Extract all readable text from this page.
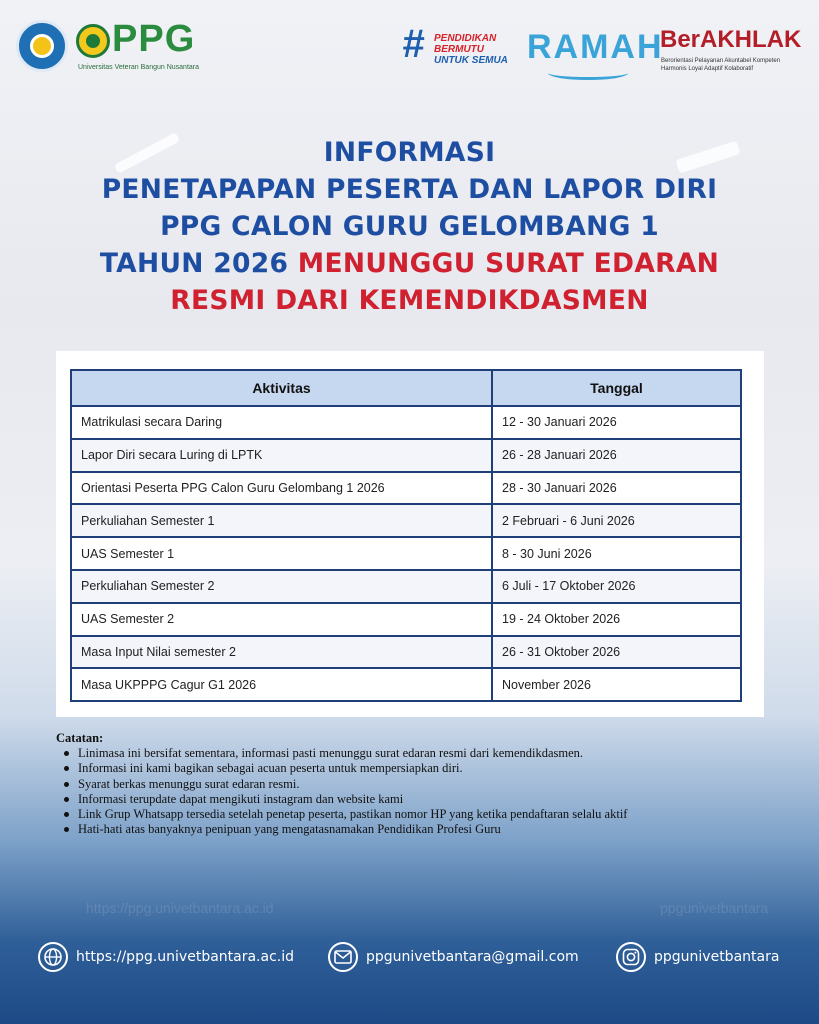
PPG
Universitas Veteran Bangun Nusantara
# PENDIDIKAN
BERMUTU
UNTUK SEMUA RAMAH
BerAKHLAK
Berorientasi Pelayanan Akuntabel Kompeten
Harmonis Loyal Adaptif Kolaboratif
INFORMASI
PENETAPAPAN PESERTA DAN LAPOR DIRI
PPG CALON GURU GELOMBANG 1
TAHUN 2026 MENUNGGU SURAT EDARAN
RESMI DARI KEMENDIKDASMEN
Aktivitas	Tanggal
Matrikulasi secara Daring	12 - 30 Januari 2026
Lapor Diri secara Luring di LPTK	26 - 28 Januari 2026
Orientasi Peserta PPG Calon Guru Gelombang 1 2026	28 - 30 Januari 2026
Perkuliahan Semester 1	2 Februari - 6 Juni 2026
UAS Semester 1	8 - 30 Juni 2026
Perkuliahan Semester 2	6 Juli - 17 Oktober 2026
UAS Semester 2	19 - 24 Oktober 2026
Masa Input Nilai semester 2	26 - 31 Oktober 2026
Masa UKPPPG Cagur G1 2026	November 2026
Catatan:
Linimasa ini bersifat sementara, informasi pasti menunggu surat edaran resmi dari kemendikdasmen.
Informasi ini kami bagikan sebagai acuan peserta untuk mempersiapkan diri.
Syarat berkas menunggu surat edaran resmi.
Informasi terupdate dapat mengikuti instagram dan website kami
Link Grup Whatsapp tersedia setelah penetap peserta, pastikan nomor HP yang ketika pendaftaran selalu aktif
Hati-hati atas banyaknya penipuan yang mengatasnamakan Pendidikan Profesi Guru
https://ppg.univetbantara.ac.id	ppgunivetbantara
https://ppg.univetbantara.ac.id	ppgunivetbantara@gmail.com	ppgunivetbantara
